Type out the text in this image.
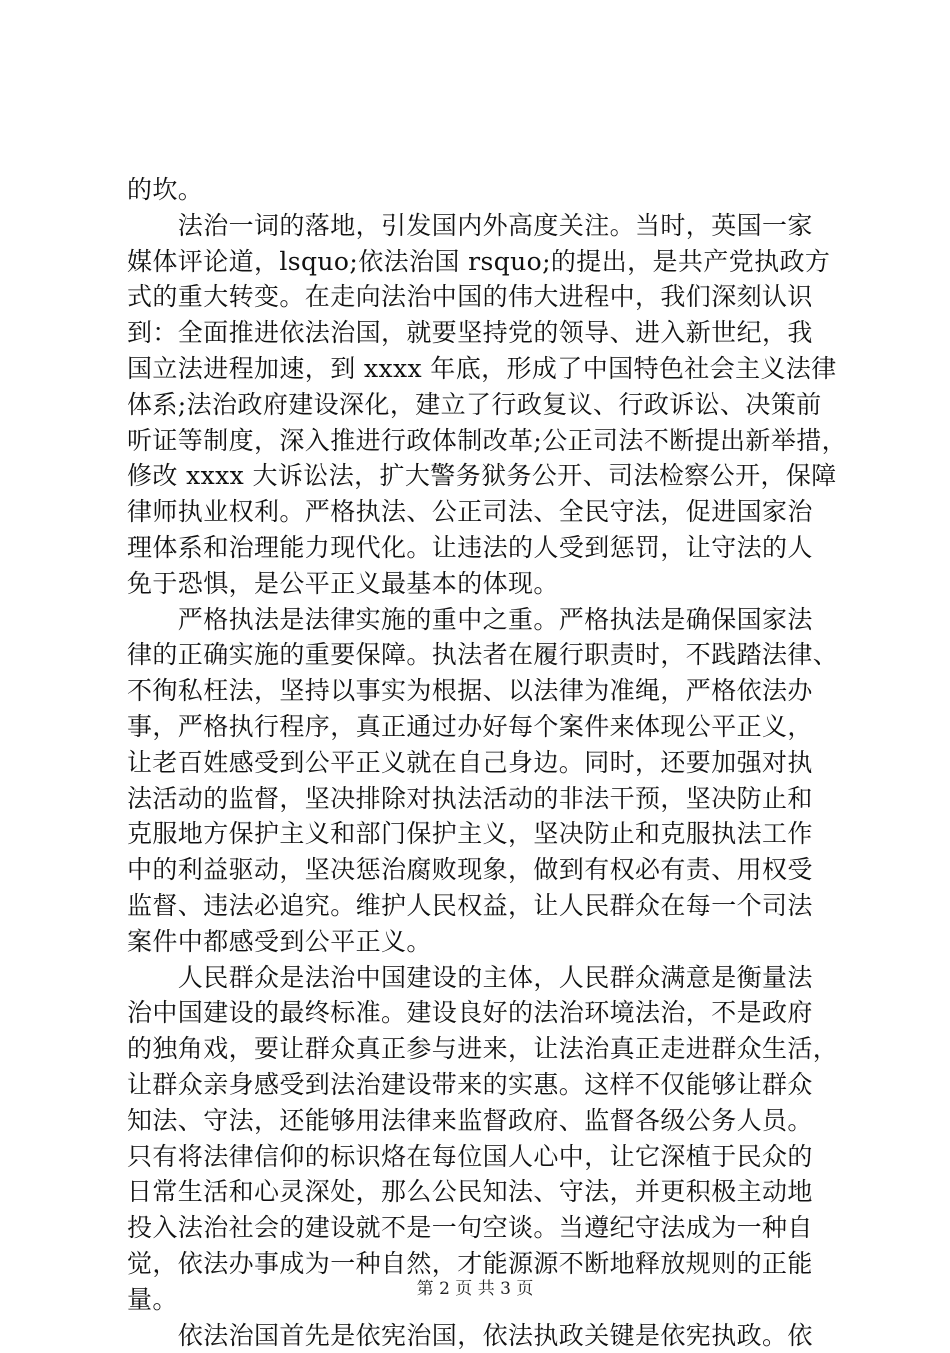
的坎。
　　法治一词的落地，引发国内外高度关注。当时，英国一家
媒体评论道，lsquo;依法治国 rsquo;的提出，是共产党执政方
式的重大转变。在走向法治中国的伟大进程中，我们深刻认识
到：全面推进依法治国，就要坚持党的领导、进入新世纪，我
国立法进程加速，到 xxxx 年底，形成了中国特色社会主义法律
体系;法治政府建设深化，建立了行政复议、行政诉讼、决策前
听证等制度，深入推进行政体制改革;公正司法不断提出新举措，
修改 xxxx 大诉讼法，扩大警务狱务公开、司法检察公开，保障
律师执业权利。严格执法、公正司法、全民守法，促进国家治
理体系和治理能力现代化。让违法的人受到惩罚，让守法的人
免于恐惧，是公平正义最基本的体现。
　　严格执法是法律实施的重中之重。严格执法是确保国家法
律的正确实施的重要保障。执法者在履行职责时，不践踏法律、
不徇私枉法，坚持以事实为根据、以法律为准绳，严格依法办
事，严格执行程序，真正通过办好每个案件来体现公平正义，
让老百姓感受到公平正义就在自己身边。同时，还要加强对执
法活动的监督，坚决排除对执法活动的非法干预，坚决防止和
克服地方保护主义和部门保护主义，坚决防止和克服执法工作
中的利益驱动，坚决惩治腐败现象，做到有权必有责、用权受
监督、违法必追究。维护人民权益，让人民群众在每一个司法
案件中都感受到公平正义。
　　人民群众是法治中国建设的主体，人民群众满意是衡量法
治中国建设的最终标准。建设良好的法治环境法治，不是政府
的独角戏，要让群众真正参与进来，让法治真正走进群众生活，
让群众亲身感受到法治建设带来的实惠。这样不仅能够让群众
知法、守法，还能够用法律来监督政府、监督各级公务人员。
只有将法律信仰的标识烙在每位国人心中，让它深植于民众的
日常生活和心灵深处，那么公民知法、守法，并更积极主动地
投入法治社会的建设就不是一句空谈。当遵纪守法成为一种自
觉，依法办事成为一种自然，才能源源不断地释放规则的正能
量。
　　依法治国首先是依宪治国，依法执政关键是依宪执政。依
第 2 页 共 3 页
